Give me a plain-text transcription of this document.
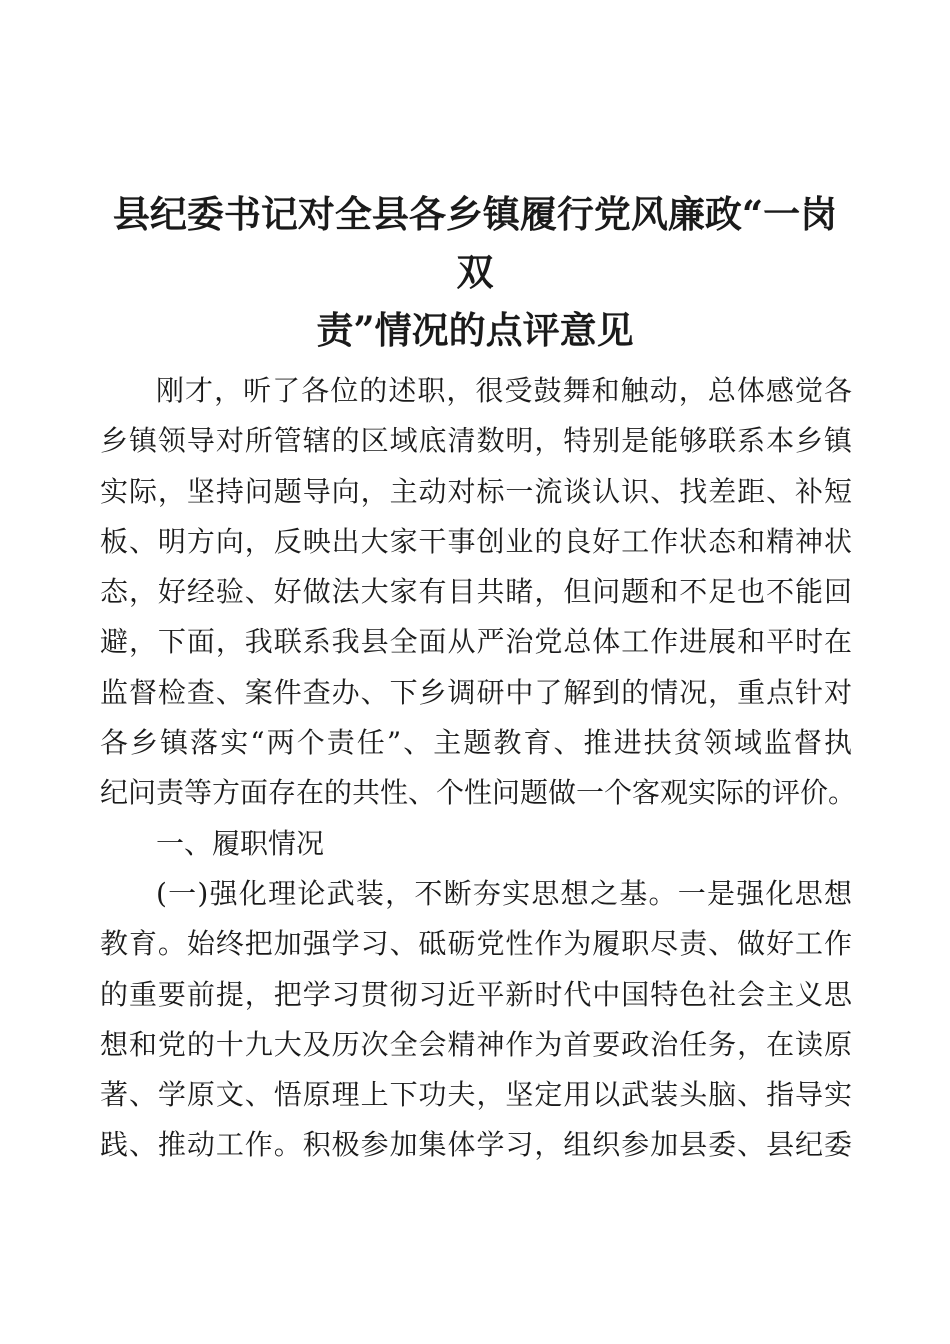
县纪委书记对全县各乡镇履行党风廉政“一岗双
责”情况的点评意见
刚才，听了各位的述职，很受鼓舞和触动，总体感觉各
乡镇领导对所管辖的区域底清数明，特别是能够联系本乡镇
实际，坚持问题导向，主动对标一流谈认识、找差距、补短
板、明方向，反映出大家干事创业的良好工作状态和精神状
态，好经验、好做法大家有目共睹，但问题和不足也不能回
避，下面，我联系我县全面从严治党总体工作进展和平时在
监督检查、案件查办、下乡调研中了解到的情况，重点针对
各乡镇落实“两个责任”、主题教育、推进扶贫领域监督执
纪问责等方面存在的共性、个性问题做一个客观实际的评价。
一、履职情况
(一)强化理论武装，不断夯实思想之基。一是强化思想
教育。始终把加强学习、砥砺党性作为履职尽责、做好工作
的重要前提，把学习贯彻习近平新时代中国特色社会主义思
想和党的十九大及历次全会精神作为首要政治任务，在读原
著、学原文、悟原理上下功夫，坚定用以武装头脑、指导实
践、推动工作。积极参加集体学习，组织参加县委、县纪委
